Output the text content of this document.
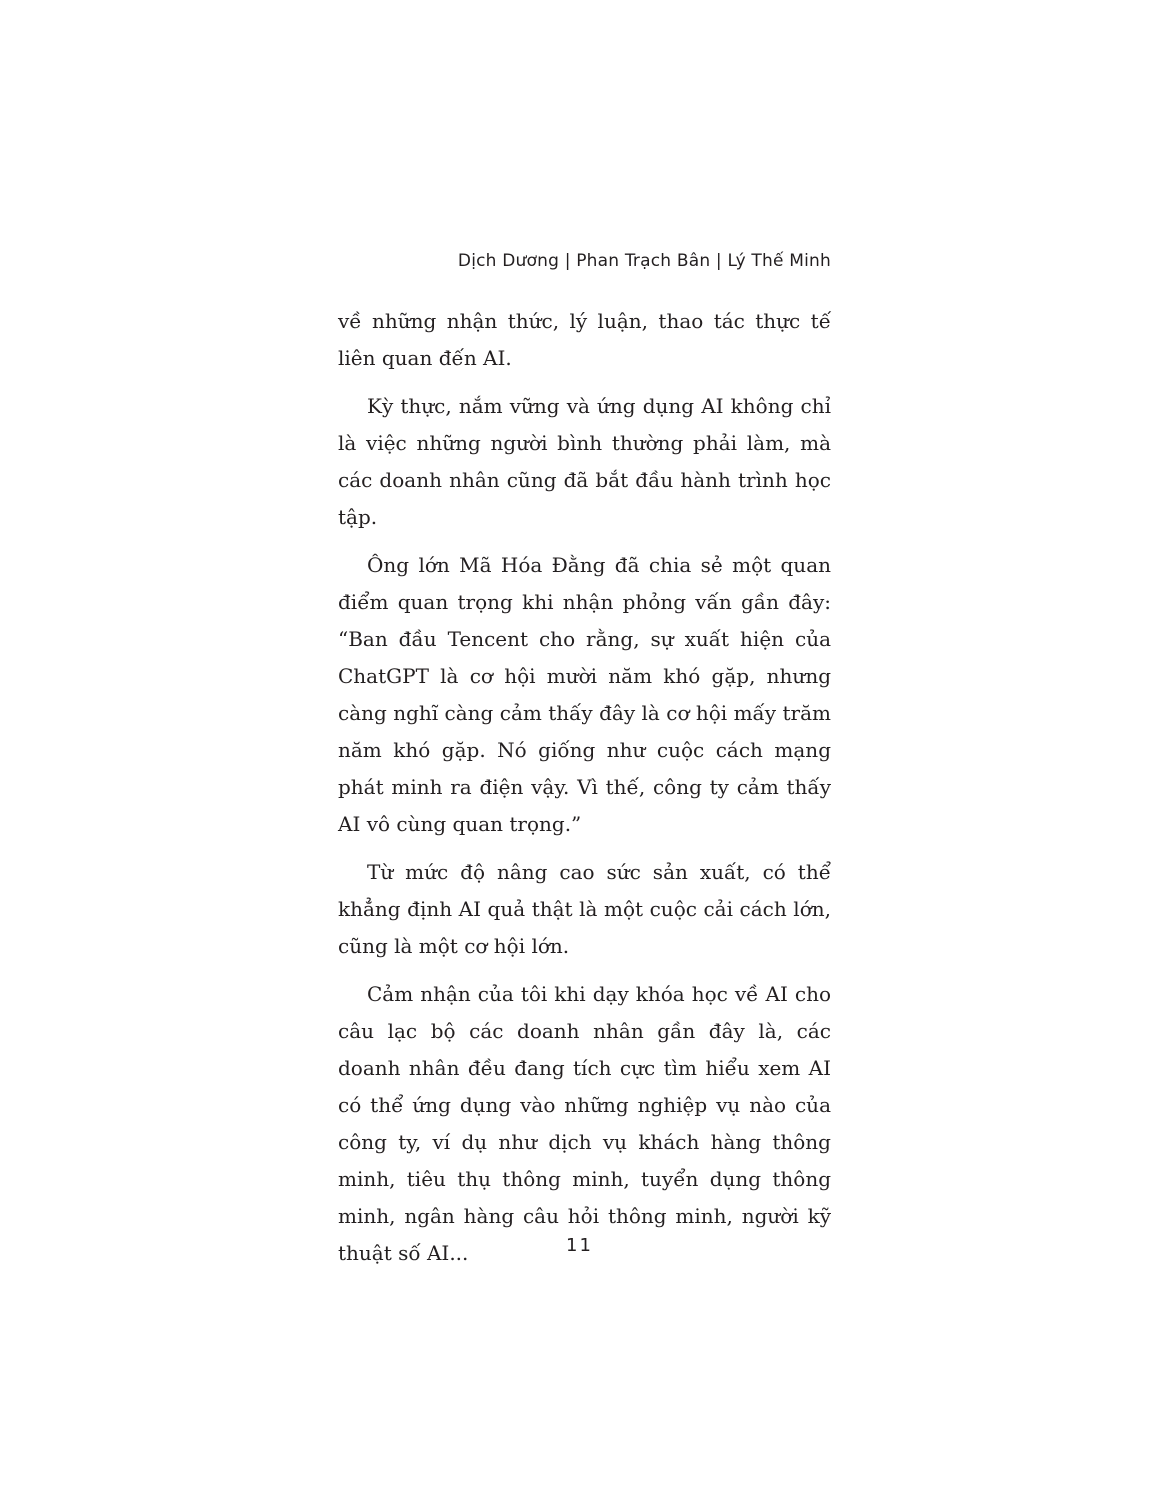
Dịch Dương | Phan Trạch Bân | Lý Thế Minh

về những nhận thức, lý luận, thao tác thực tế liên quan đến AI.

Kỳ thực, nắm vững và ứng dụng AI không chỉ là việc những người bình thường phải làm, mà các doanh nhân cũng đã bắt đầu hành trình học tập.

Ông lớn Mã Hóa Đằng đã chia sẻ một quan điểm quan trọng khi nhận phỏng vấn gần đây: “Ban đầu Tencent cho rằng, sự xuất hiện của ChatGPT là cơ hội mười năm khó gặp, nhưng càng nghĩ càng cảm thấy đây là cơ hội mấy trăm năm khó gặp. Nó giống như cuộc cách mạng phát minh ra điện vậy. Vì thế, công ty cảm thấy AI vô cùng quan trọng.”

Từ mức độ nâng cao sức sản xuất, có thể khẳng định AI quả thật là một cuộc cải cách lớn, cũng là một cơ hội lớn.

Cảm nhận của tôi khi dạy khóa học về AI cho câu lạc bộ các doanh nhân gần đây là, các doanh nhân đều đang tích cực tìm hiểu xem AI có thể ứng dụng vào những nghiệp vụ nào của công ty, ví dụ như dịch vụ khách hàng thông minh, tiêu thụ thông minh, tuyển dụng thông minh, ngân hàng câu hỏi thông minh, người kỹ thuật số AI...	11
